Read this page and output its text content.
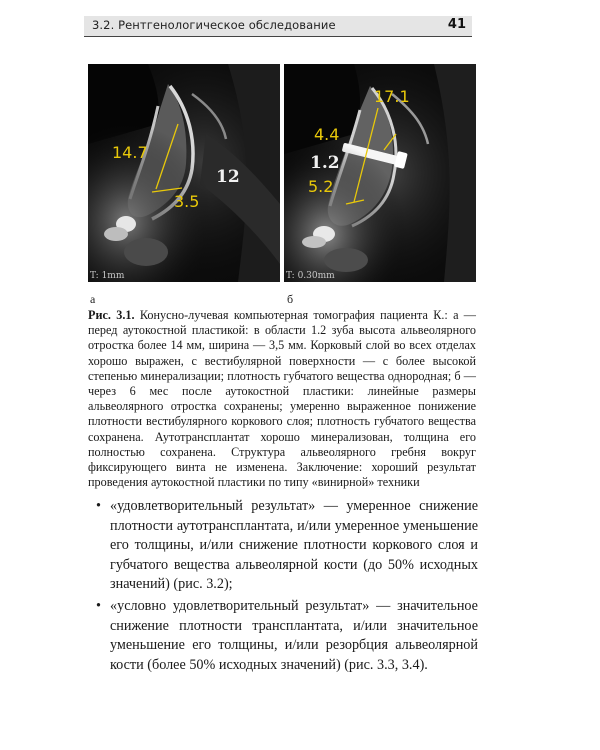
3.2. Рентгенологическое обследование	41
14.7
3.5
12
T: 1mm
17.1
4.4
1.2
5.2
T: 0.30mm
а	б

Рис. 3.1. Конусно-лучевая компьютерная томография пациента К.: а — перед аутокостной пластикой: в области 1.2 зуба высота альвеолярного отростка более 14 мм, ширина — 3,5 мм. Корковый слой во всех отделах хорошо выражен, с вестибулярной поверхности — с более высокой степенью минерализации; плотность губчатого вещества однородная; б — через 6 мес после аутокостной пластики: линейные размеры альвеолярного отростка сохранены; умеренно выраженное понижение плотности вестибулярного коркового слоя; плотность губчатого вещества сохранена. Аутотрансплантат хорошо минерализован, толщина его полностью сохранена. Структура альвеолярного гребня вокруг фиксирующего винта не изменена. Заключение: хороший результат проведения аутокостной пластики по типу «винирной» техники

• «удовлетворительный результат» — умеренное снижение плотности аутотрансплантата, и/или умеренное уменьшение его толщины, и/или снижение плотности коркового слоя и губчатого вещества альвеолярной кости (до 50% исходных значений) (рис. 3.2);
• «условно удовлетворительный результат» — значительное снижение плотности трансплантата, и/или значительное уменьшение его толщины, и/или резорбция альвеолярной кости (более 50% исходных значений) (рис. 3.3, 3.4).
